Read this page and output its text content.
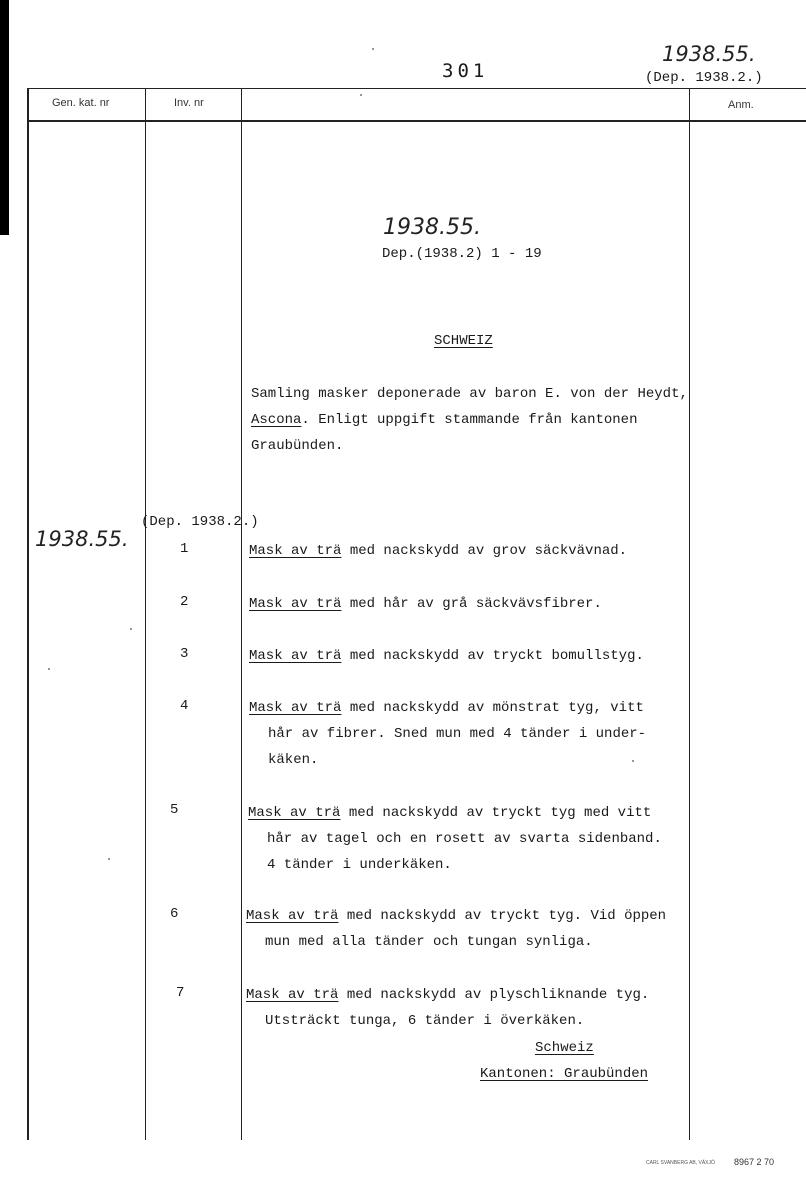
Gen. kat. nr	Inv. nr	Anm.
301
1938.55.
(Dep. 1938.2.)
1938.55.
Dep.(1938.2) 1 - 19
SCHWEIZ
Samling masker deponerade av baron E. von der Heydt,
Ascona. Enligt uppgift stammande från kantonen
Graubünden.
1938.55.
(Dep. 1938.2.)
1	Mask av trä med nackskydd av grov säckvävnad.
2	Mask av trä med hår av grå säckvävsfibrer.
3	Mask av trä med nackskydd av tryckt bomullstyg.
4	Mask av trä med nackskydd av mönstrat tyg, vitt
hår av fibrer. Sned mun med 4 tänder i under-
käken.
5	Mask av trä med nackskydd av tryckt tyg med vitt
hår av tagel och en rosett av svarta sidenband.
4 tänder i underkäken.
6	Mask av trä med nackskydd av tryckt tyg. Vid öppen
mun med alla tänder och tungan synliga.
7	Mask av trä med nackskydd av plyschliknande tyg.
Utsträckt tunga, 6 tänder i överkäken.
Schweiz
Kantonen: Graubünden
CARL SVANBERG AB, VÄXJÖ 8967 2 70
